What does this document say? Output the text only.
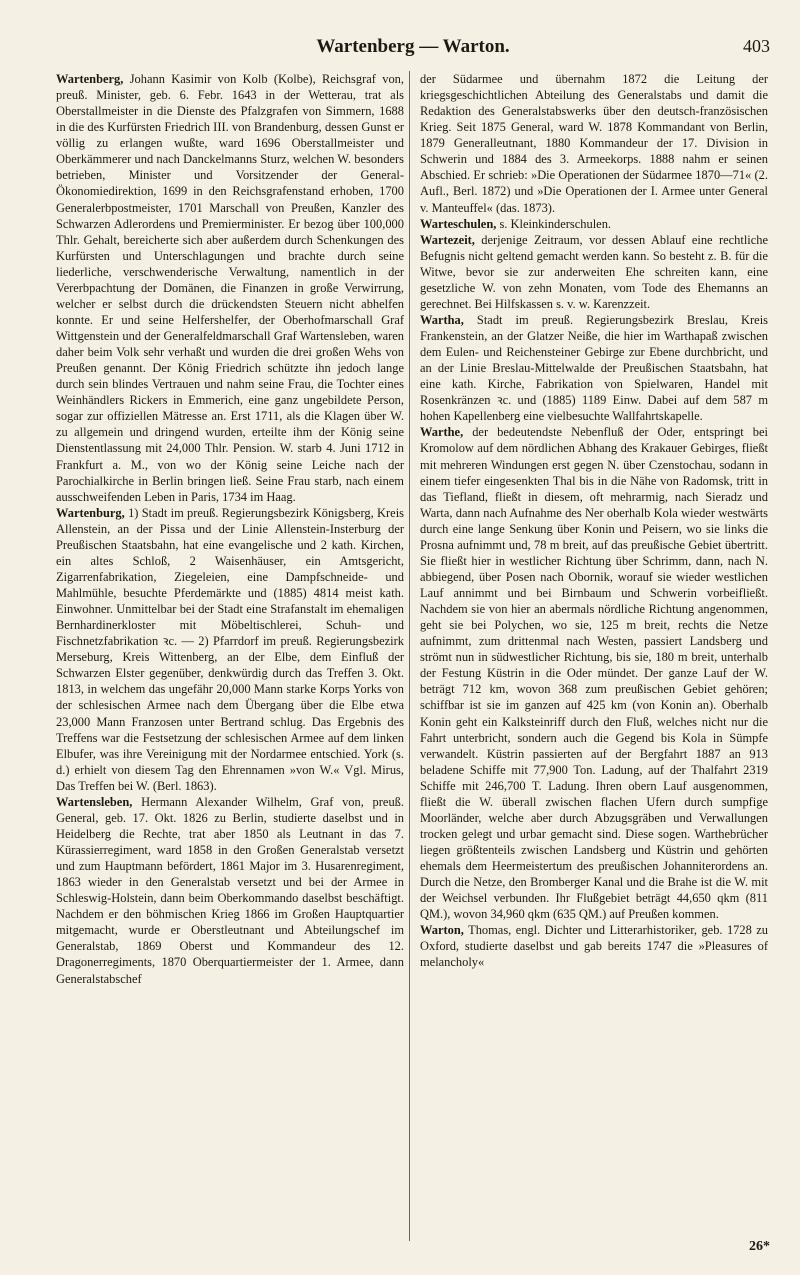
Wartenberg — Warton.	403

Wartenberg, Johann Kasimir von Kolb (Kolbe), Reichsgraf von, preuß. Minister, geb. 6. Febr. 1643 in der Wetterau, trat als Oberstallmeister in die Dienste des Pfalzgrafen von Simmern, 1688 in die des Kurfürsten Friedrich III. von Brandenburg, dessen Gunst er völlig zu erlangen wußte, ward 1696 Oberstallmeister und Oberkämmerer und nach Danckelmanns Sturz, welchen W. besonders betrieben, Minister und Vorsitzender der General-Ökonomiedirektion, 1699 in den Reichsgrafenstand erhoben, 1700 Generalerbpostmeister, 1701 Marschall von Preußen, Kanzler des Schwarzen Adlerordens und Premierminister. Er bezog über 100,000 Thlr. Gehalt, bereicherte sich aber außerdem durch Schenkungen des Kurfürsten und Unterschlagungen und brachte durch seine liederliche, verschwenderische Verwaltung, namentlich in der Vererbpachtung der Domänen, die Finanzen in große Verwirrung, welcher er selbst durch die drückendsten Steuern nicht abhelfen konnte. Er und seine Helfershelfer, der Oberhofmarschall Graf Wittgenstein und der Generalfeldmarschall Graf Wartensleben, waren daher beim Volk sehr verhaßt und wurden die drei großen Wehs von Preußen genannt. Der König Friedrich schützte ihn jedoch lange durch sein blindes Vertrauen und nahm seine Frau, die Tochter eines Weinhändlers Rickers in Emmerich, eine ganz ungebildete Person, sogar zur offiziellen Mätresse an. Erst 1711, als die Klagen über W. zu allgemein und dringend wurden, erteilte ihm der König seine Dienstentlassung mit 24,000 Thlr. Pension. W. starb 4. Juni 1712 in Frankfurt a. M., von wo der König seine Leiche nach der Parochialkirche in Berlin bringen ließ. Seine Frau starb, nach einem ausschweifenden Leben in Paris, 1734 im Haag.

Wartenburg, 1) Stadt im preuß. Regierungsbezirk Königsberg, Kreis Allenstein, an der Pissa und der Linie Allenstein-Insterburg der Preußischen Staatsbahn, hat eine evangelische und 2 kath. Kirchen, ein altes Schloß, 2 Waisenhäuser, ein Amtsgericht, Zigarrenfabrikation, Ziegeleien, eine Dampfschneide- und Mahlmühle, besuchte Pferdemärkte und (1885) 4814 meist kath. Einwohner. Unmittelbar bei der Stadt eine Strafanstalt im ehemaligen Bernhardinerkloster mit Möbeltischlerei, Schuh- und Fischnetzfabrikation ꝛc. — 2) Pfarrdorf im preuß. Regierungsbezirk Merseburg, Kreis Wittenberg, an der Elbe, dem Einfluß der Schwarzen Elster gegenüber, denkwürdig durch das Treffen 3. Okt. 1813, in welchem das ungefähr 20,000 Mann starke Korps Yorks von der schlesischen Armee nach dem Übergang über die Elbe etwa 23,000 Mann Franzosen unter Bertrand schlug. Das Ergebnis des Treffens war die Festsetzung der schlesischen Armee auf dem linken Elbufer, was ihre Vereinigung mit der Nordarmee entschied. York (s. d.) erhielt von diesem Tag den Ehrennamen »von W.« Vgl. Mirus, Das Treffen bei W. (Berl. 1863).

Wartensleben, Hermann Alexander Wilhelm, Graf von, preuß. General, geb. 17. Okt. 1826 zu Berlin, studierte daselbst und in Heidelberg die Rechte, trat aber 1850 als Leutnant in das 7. Kürassierregiment, ward 1858 in den Großen Generalstab versetzt und zum Hauptmann befördert, 1861 Major im 3. Husarenregiment, 1863 wieder in den Generalstab versetzt und bei der Armee in Schleswig-Holstein, dann beim Oberkommando daselbst beschäftigt. Nachdem er den böhmischen Krieg 1866 im Großen Hauptquartier mitgemacht, wurde er Oberstleutnant und Abteilungschef im Generalstab, 1869 Oberst und Kommandeur des 12. Dragonerregiments, 1870 Oberquartiermeister der 1. Armee, dann Generalstabschef

der Südarmee und übernahm 1872 die Leitung der kriegsgeschichtlichen Abteilung des Generalstabs und damit die Redaktion des Generalstabswerks über den deutsch-französischen Krieg. Seit 1875 General, ward W. 1878 Kommandant von Berlin, 1879 Generalleutnant, 1880 Kommandeur der 17. Division in Schwerin und 1884 des 3. Armeekorps. 1888 nahm er seinen Abschied. Er schrieb: »Die Operationen der Südarmee 1870—71« (2. Aufl., Berl. 1872) und »Die Operationen der I. Armee unter General v. Manteuffel« (das. 1873).

Warteschulen, s. Kleinkinderschulen.

Wartezeit, derjenige Zeitraum, vor dessen Ablauf eine rechtliche Befugnis nicht geltend gemacht werden kann. So besteht z. B. für die Witwe, bevor sie zur anderweiten Ehe schreiten kann, eine gesetzliche W. von zehn Monaten, vom Tode des Ehemanns an gerechnet. Bei Hilfskassen s. v. w. Karenzzeit.

Wartha, Stadt im preuß. Regierungsbezirk Breslau, Kreis Frankenstein, an der Glatzer Neiße, die hier im Warthapaß zwischen dem Eulen- und Reichensteiner Gebirge zur Ebene durchbricht, und an der Linie Breslau-Mittelwalde der Preußischen Staatsbahn, hat eine kath. Kirche, Fabrikation von Spielwaren, Handel mit Rosenkränzen ꝛc. und (1885) 1189 Einw. Dabei auf dem 587 m hohen Kapellenberg eine vielbesuchte Wallfahrtskapelle.

Warthe, der bedeutendste Nebenfluß der Oder, entspringt bei Kromolow auf dem nördlichen Abhang des Krakauer Gebirges, fließt mit mehreren Windungen erst gegen N. über Czenstochau, sodann in einem tiefer eingesenkten Thal bis in die Nähe von Radomsk, tritt in das Tiefland, fließt in diesem, oft mehrarmig, nach Sieradz und Warta, dann nach Aufnahme des Ner oberhalb Kola wieder westwärts durch eine lange Senkung über Konin und Peisern, wo sie links die Prosna aufnimmt und, 78 m breit, auf das preußische Gebiet übertritt. Sie fließt hier in westlicher Richtung über Schrimm, dann, nach N. abbiegend, über Posen nach Obornik, worauf sie wieder westlichen Lauf annimmt und bei Birnbaum und Schwerin vorbeifließt. Nachdem sie von hier an abermals nördliche Richtung angenommen, geht sie bei Polychen, wo sie, 125 m breit, rechts die Netze aufnimmt, zum drittenmal nach Westen, passiert Landsberg und strömt nun in südwestlicher Richtung, bis sie, 180 m breit, unterhalb der Festung Küstrin in die Oder mündet. Der ganze Lauf der W. beträgt 712 km, wovon 368 zum preußischen Gebiet gehören; schiffbar ist sie im ganzen auf 425 km (von Konin an). Oberhalb Konin geht ein Kalksteinriff durch den Fluß, welches nicht nur die Fahrt unterbricht, sondern auch die Gegend bis Kola in Sümpfe verwandelt. Küstrin passierten auf der Bergfahrt 1887 an 913 beladene Schiffe mit 77,900 Ton. Ladung, auf der Thalfahrt 2319 Schiffe mit 246,700 T. Ladung. Ihren obern Lauf ausgenommen, fließt die W. überall zwischen flachen Ufern durch sumpfige Moorländer, welche aber durch Abzugsgräben und Verwallungen trocken gelegt und urbar gemacht sind. Diese sogen. Warthebrücher liegen größtenteils zwischen Landsberg und Küstrin und gehörten ehemals dem Heermeistertum des preußischen Johanniterordens an. Durch die Netze, den Bromberger Kanal und die Brahe ist die W. mit der Weichsel verbunden. Ihr Flußgebiet beträgt 44,650 qkm (811 QM.), wovon 34,960 qkm (635 QM.) auf Preußen kommen.

Warton, Thomas, engl. Dichter und Litterarhistoriker, geb. 1728 zu Oxford, studierte daselbst und gab bereits 1747 die »Pleasures of melancholy«

26*
